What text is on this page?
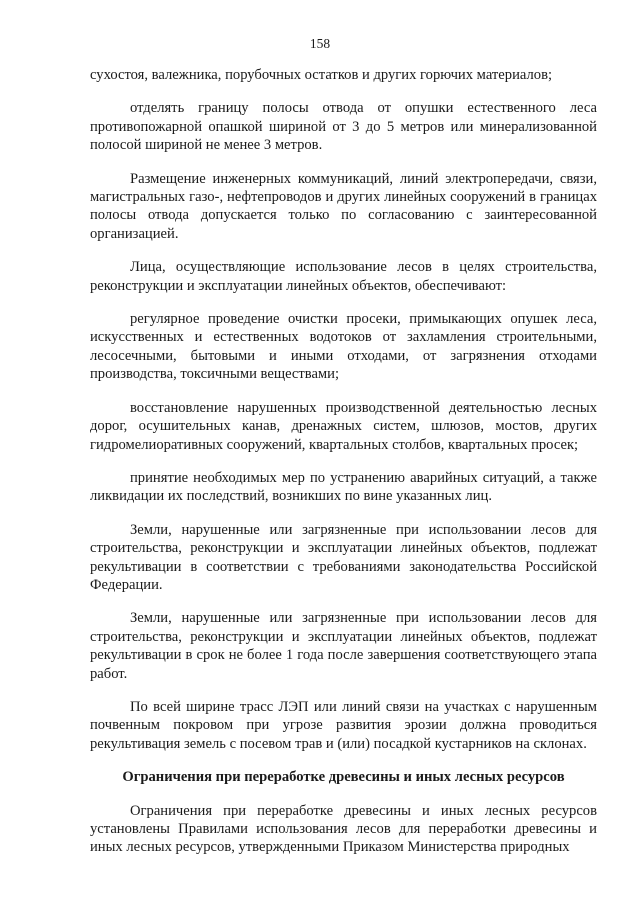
158

сухостоя, валежника, порубочных остатков и других горючих материалов;

отделять границу полосы отвода от опушки естественного леса противопожарной опашкой шириной от 3 до 5 метров или минерализованной полосой шириной не менее 3 метров.

Размещение инженерных коммуникаций, линий электропередачи, связи, магистральных газо-, нефтепроводов и других линейных сооружений в границах полосы отвода допускается только по согласованию с заинтересованной организацией.

Лица, осуществляющие использование лесов в целях строительства, реконструкции и эксплуатации линейных объектов, обеспечивают:

регулярное проведение очистки просеки, примыкающих опушек леса, искусственных и естественных водотоков от захламления строительными, лесосечными, бытовыми и иными отходами, от загрязнения отходами производства, токсичными веществами;

восстановление нарушенных производственной деятельностью лесных дорог, осушительных канав, дренажных систем, шлюзов, мостов, других гидромелиоративных сооружений, квартальных столбов, квартальных просек;

принятие необходимых мер по устранению аварийных ситуаций, а также ликвидации их последствий, возникших по вине указанных лиц.

Земли, нарушенные или загрязненные при использовании лесов для строительства, реконструкции и эксплуатации линейных объектов, подлежат рекультивации в соответствии с требованиями законодательства Российской Федерации.

Земли, нарушенные или загрязненные при использовании лесов для строительства, реконструкции и эксплуатации линейных объектов, подлежат рекультивации в срок не более 1 года после завершения соответствующего этапа работ.

По всей ширине трасс ЛЭП или линий связи на участках с нарушенным почвенным покровом при угрозе развития эрозии должна проводиться рекультивация земель с посевом трав и (или) посадкой кустарников на склонах.

Ограничения при переработке древесины и иных лесных ресурсов

Ограничения при переработке древесины и иных лесных ресурсов установлены Правилами использования лесов для переработки древесины и иных лесных ресурсов, утвержденными Приказом Министерства природных
